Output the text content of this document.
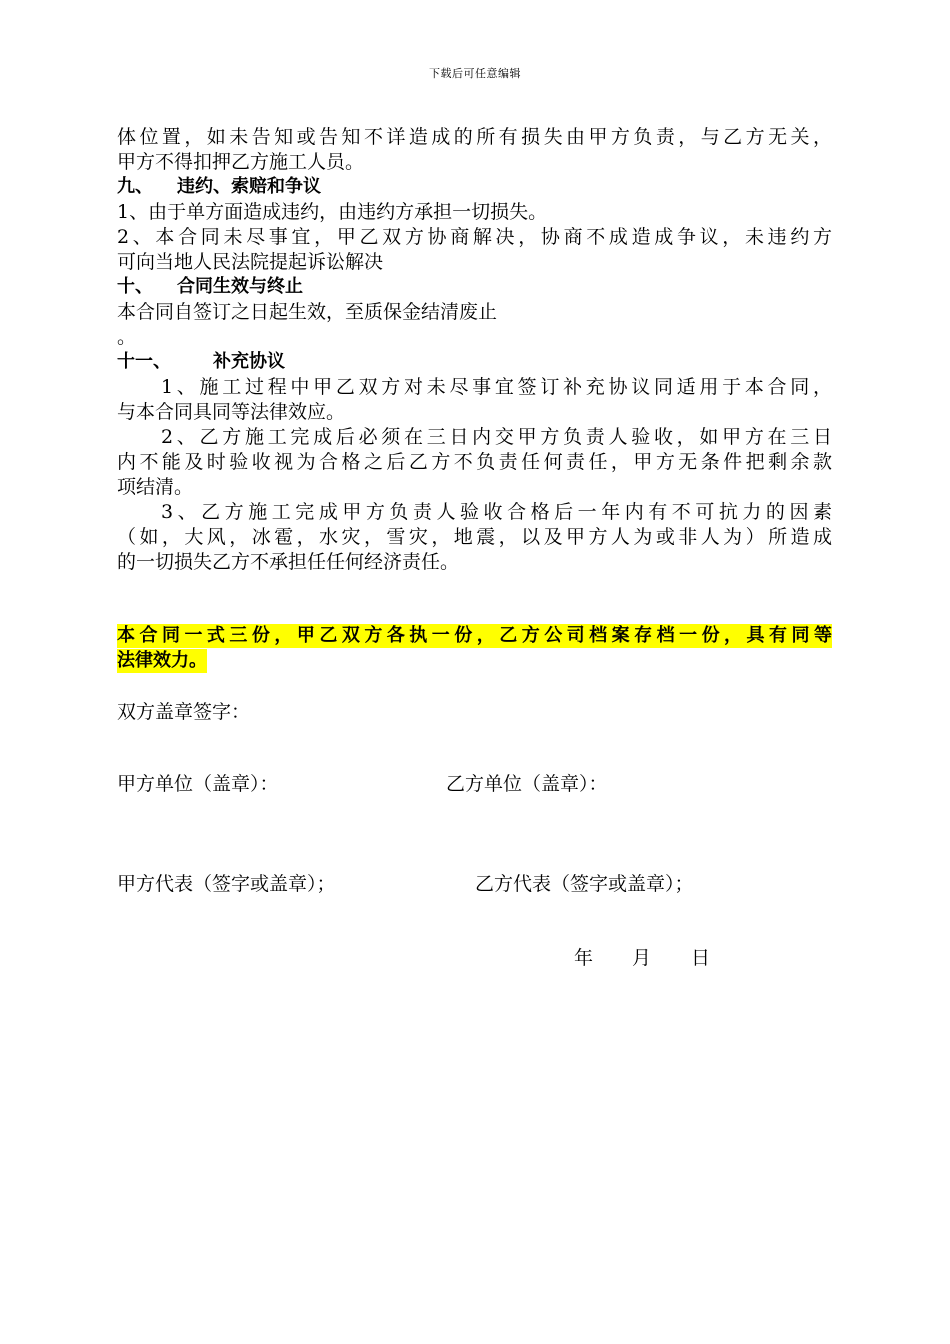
下载后可任意编辑
体位置，如未告知或告知不详造成的所有损失由甲方负责，与乙方无关，
甲方不得扣押乙方施工人员。
九、 违约、索赔和争议
1、由于单方面造成违约，由违约方承担一切损失。
2、本合同未尽事宜，甲乙双方协商解决，协商不成造成争议，未违约方
可向当地人民法院提起诉讼解决
十、 合同生效与终止
本合同自签订之日起生效，至质保金结清废止
。
十一、 补充协议
1、施工过程中甲乙双方对未尽事宜签订补充协议同适用于本合同，
与本合同具同等法律效应。
2、乙方施工完成后必须在三日内交甲方负责人验收，如甲方在三日
内不能及时验收视为合格之后乙方不负责任何责任，甲方无条件把剩余款
项结清。
3、乙方施工完成甲方负责人验收合格后一年内有不可抗力的因素
（如，大风，冰雹，水灾，雪灾，地震，以及甲方人为或非人为）所造成
的一切损失乙方不承担任任何经济责任。
本合同一式三份，甲乙双方各执一份，乙方公司档案存档一份，具有同等
法律效力。
双方盖章签字：
甲方单位（盖章）：	乙方单位（盖章）：
甲方代表（签字或盖章）；	乙方代表（签字或盖章）；
年 月 日
